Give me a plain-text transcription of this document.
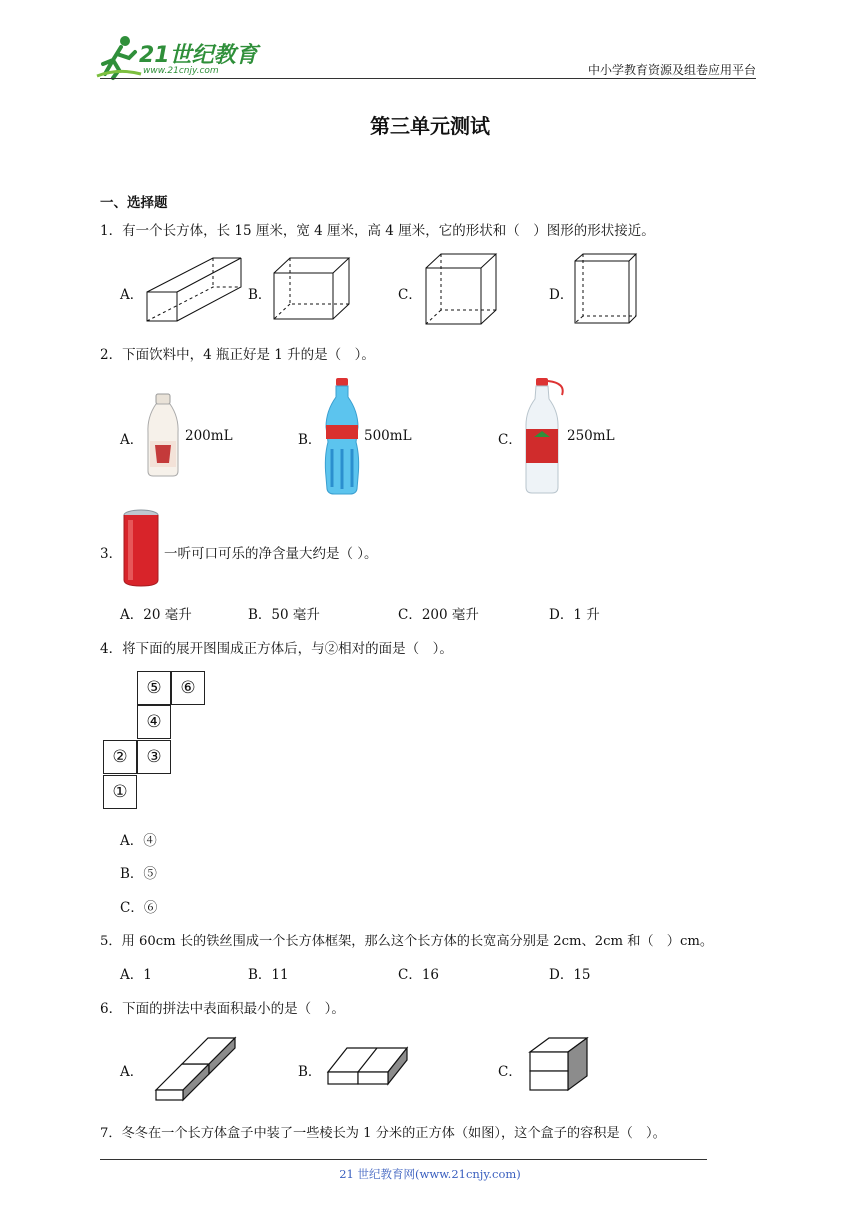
21世纪教育
www.21cnjy.com	中小学教育资源及组卷应用平台
第三单元测试
一、选择题
1．有一个长方体，长 15 厘米，宽 4 厘米，高 4 厘米，它的形状和（　）图形的形状接近。
A．	B．	C．	D．
2．下面饮料中，4 瓶正好是 1 升的是（　）。
A．	200mL	B．	500mL	C．	250mL
3．	一听可口可乐的净含量大约是（ ）。
A．20 毫升	B．50 毫升	C．200 毫升	D．1 升
4．将下面的展开图围成正方体后，与②相对的面是（　）。
⑤	⑥
④
②	③
①
A．④
B．⑤
C．⑥
5．用 60cm 长的铁丝围成一个长方体框架，那么这个长方体的长宽高分别是 2cm、2cm 和（　）cm。
A．1	B．11	C．16	D．15
6．下面的拼法中表面积最小的是（　）。
A．	B．	C．
7．冬冬在一个长方体盒子中装了一些棱长为 1 分米的正方体（如图），这个盒子的容积是（　）。
21 世纪教育网(www.21cnjy.com)
